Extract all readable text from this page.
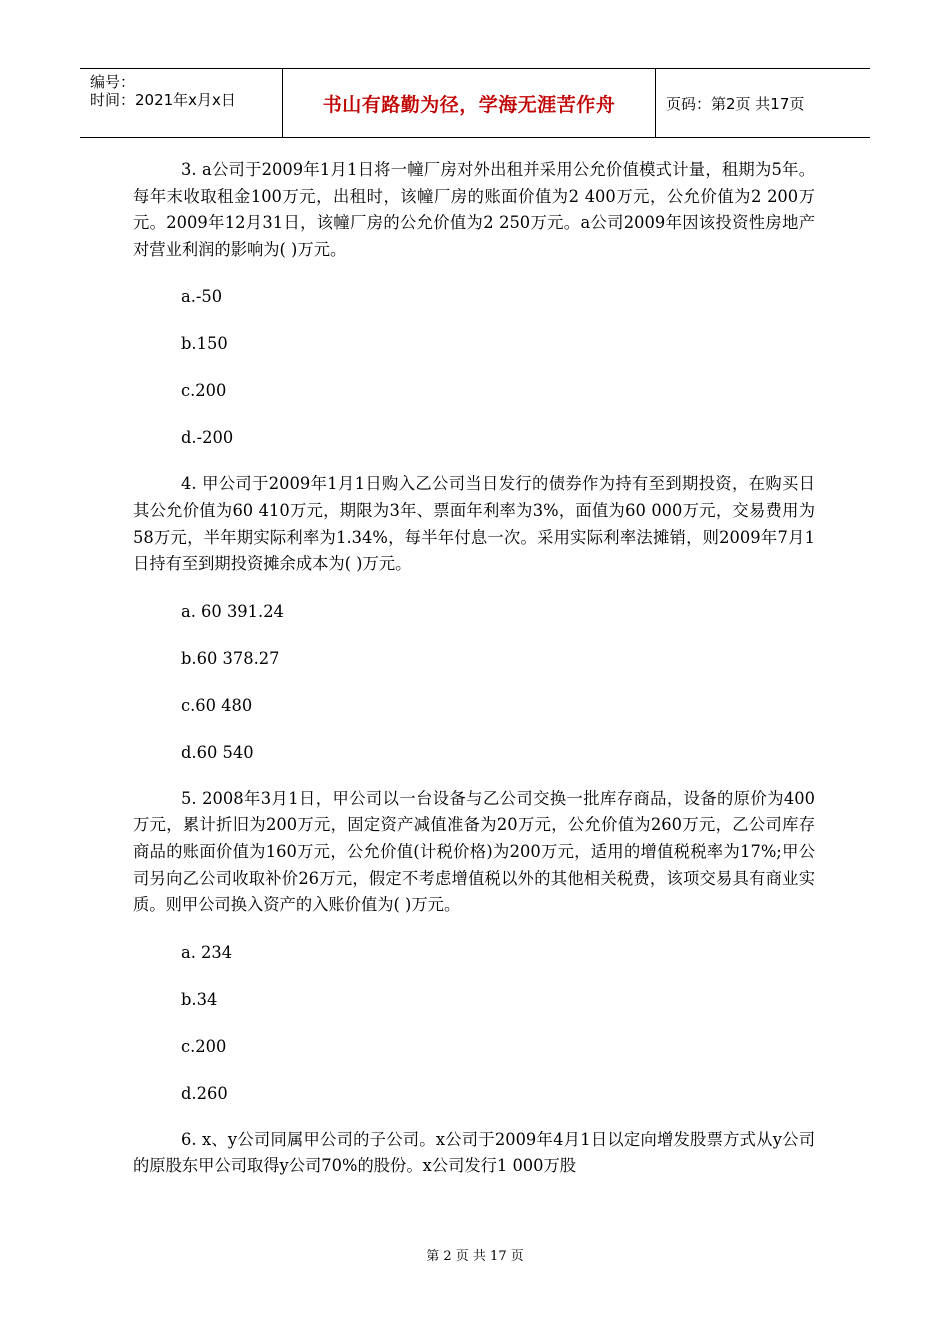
编号：
时间：2021年x月x日	书山有路勤为径，学海无涯苦作舟	页码：第2页 共17页

3. a公司于2009年1月1日将一幢厂房对外出租并采用公允价值模式计量，租期为5年。每年末收取租金100万元，出租时，该幢厂房的账面价值为2 400万元，公允价值为2 200万元。2009年12月31日，该幢厂房的公允价值为2 250万元。a公司2009年因该投资性房地产对营业利润的影响为( )万元。

a.-50
b.150
c.200
d.-200

4. 甲公司于2009年1月1日购入乙公司当日发行的债券作为持有至到期投资，在购买日其公允价值为60 410万元，期限为3年、票面年利率为3%，面值为60 000万元，交易费用为58万元，半年期实际利率为1.34%，每半年付息一次。采用实际利率法摊销，则2009年7月1日持有至到期投资摊余成本为( )万元。

a. 60 391.24
b.60 378.27
c.60 480
d.60 540

5. 2008年3月1日，甲公司以一台设备与乙公司交换一批库存商品，设备的原价为400万元，累计折旧为200万元，固定资产减值准备为20万元，公允价值为260万元，乙公司库存商品的账面价值为160万元，公允价值(计税价格)为200万元，适用的增值税税率为17%;甲公司另向乙公司收取补价26万元，假定不考虑增值税以外的其他相关税费，该项交易具有商业实质。则甲公司换入资产的入账价值为( )万元。

a. 234
b.34
c.200
d.260

6. x、y公司同属甲公司的子公司。x公司于2009年4月1日以定向增发股票方式从y公司的原股东甲公司取得y公司70%的股份。x公司发行1 000万股

第 2 页 共 17 页
